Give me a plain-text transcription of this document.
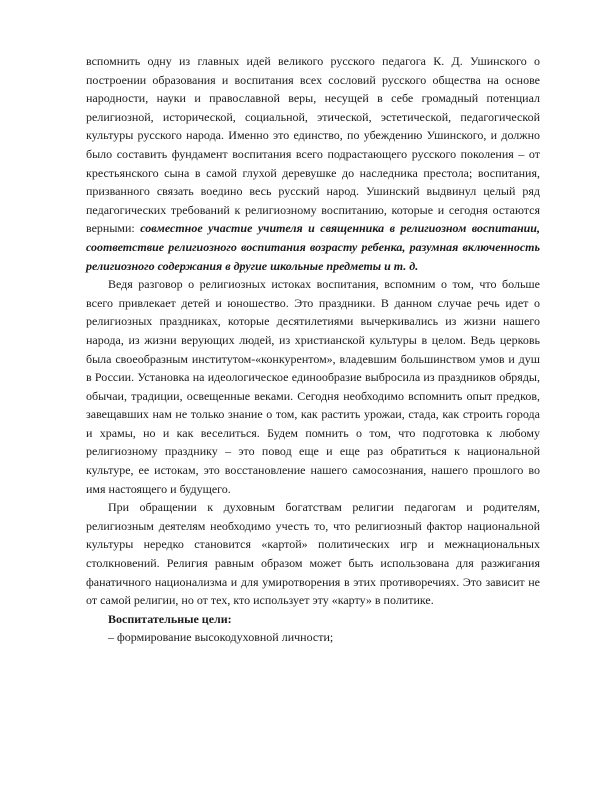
вспомнить одну из главных идей великого русского педагога К. Д. Ушинского о построении образования и воспитания всех сословий русского общества на основе народности, науки и православной веры, несущей в себе громадный потенциал религиозной, исторической, социальной, этической, эстетической, педагогической культуры русского народа. Именно это единство, по убеждению Ушинского, и должно было составить фундамент воспитания всего подрастающего русского поколения – от крестьянского сына в самой глухой деревушке до наследника престола; воспитания, призванного связать воедино весь русский народ. Ушинский выдвинул целый ряд педагогических требований к религиозному воспитанию, которые и сегодня остаются верными: совместное участие учителя и священника в религиозном воспитании, соответствие религиозного воспитания возрасту ребенка, разумная включенность религиозного содержания в другие школьные предметы и т. д.

Ведя разговор о религиозных истоках воспитания, вспомним о том, что больше всего привлекает детей и юношество. Это праздники. В данном случае речь идет о религиозных праздниках, которые десятилетиями вычеркивались из жизни нашего народа, из жизни верующих людей, из христианской культуры в целом. Ведь церковь была своеобразным институтом-«конкурентом», владевшим большинством умов и душ в России. Установка на идеологическое единообразие выбросила из праздников обряды, обычаи, традиции, освещенные веками. Сегодня необходимо вспомнить опыт предков, завещавших нам не только знание о том, как растить урожаи, стада, как строить города и храмы, но и как веселиться. Будем помнить о том, что подготовка к любому религиозному празднику – это повод еще и еще раз обратиться к национальной культуре, ее истокам, это восстановление нашего самосознания, нашего прошлого во имя настоящего и будущего.

При обращении к духовным богатствам религии педагогам и родителям, религиозным деятелям необходимо учесть то, что религиозный фактор национальной культуры нередко становится «картой» политических игр и межнациональных столкновений. Религия равным образом может быть использована для разжигания фанатичного национализма и для умиротворения в этих противоречиях. Это зависит не от самой религии, но от тех, кто использует эту «карту» в политике.

Воспитательные цели:

– формирование высокодуховной личности;
